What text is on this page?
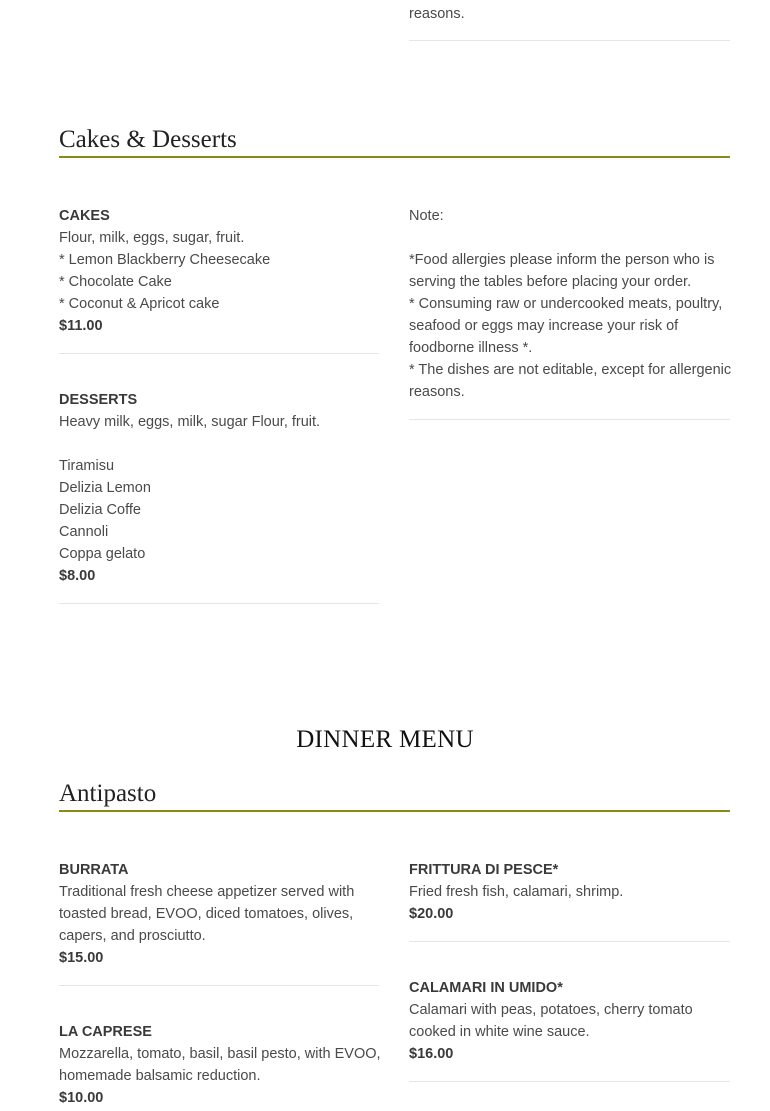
reasons.
Cakes & Desserts
CAKES
Flour, milk, eggs, sugar, fruit.
* Lemon Blackberry Cheesecake
* Chocolate Cake
* Coconut & Apricot cake
$11.00
DESSERTS
Heavy milk, eggs, milk, sugar Flour, fruit.

Tiramisu
Delizia Lemon
Delizia Coffe
Cannoli
Coppa gelato
$8.00
Note:

*Food allergies please inform the person who is
serving the tables before placing your order.
* Consuming raw or undercooked meats, poultry,
seafood or eggs may increase your risk of
foodborne illness *.
* The dishes are not editable, except for allergenic
reasons.
DINNER MENU
Antipasto
BURRATA
Traditional fresh cheese appetizer served with
toasted bread, EVOO, diced tomatoes, olives,
capers, and prosciutto.
$15.00
LA CAPRESE
Mozzarella, tomato, basil, basil pesto, with EVOO,
homemade balsamic reduction.
$10.00
FRITTURA DI PESCE*
Fried fresh fish, calamari, shrimp.
$20.00
CALAMARI IN UMIDO*
Calamari with peas, potatoes, cherry tomato
cooked in white wine sauce.
$16.00
